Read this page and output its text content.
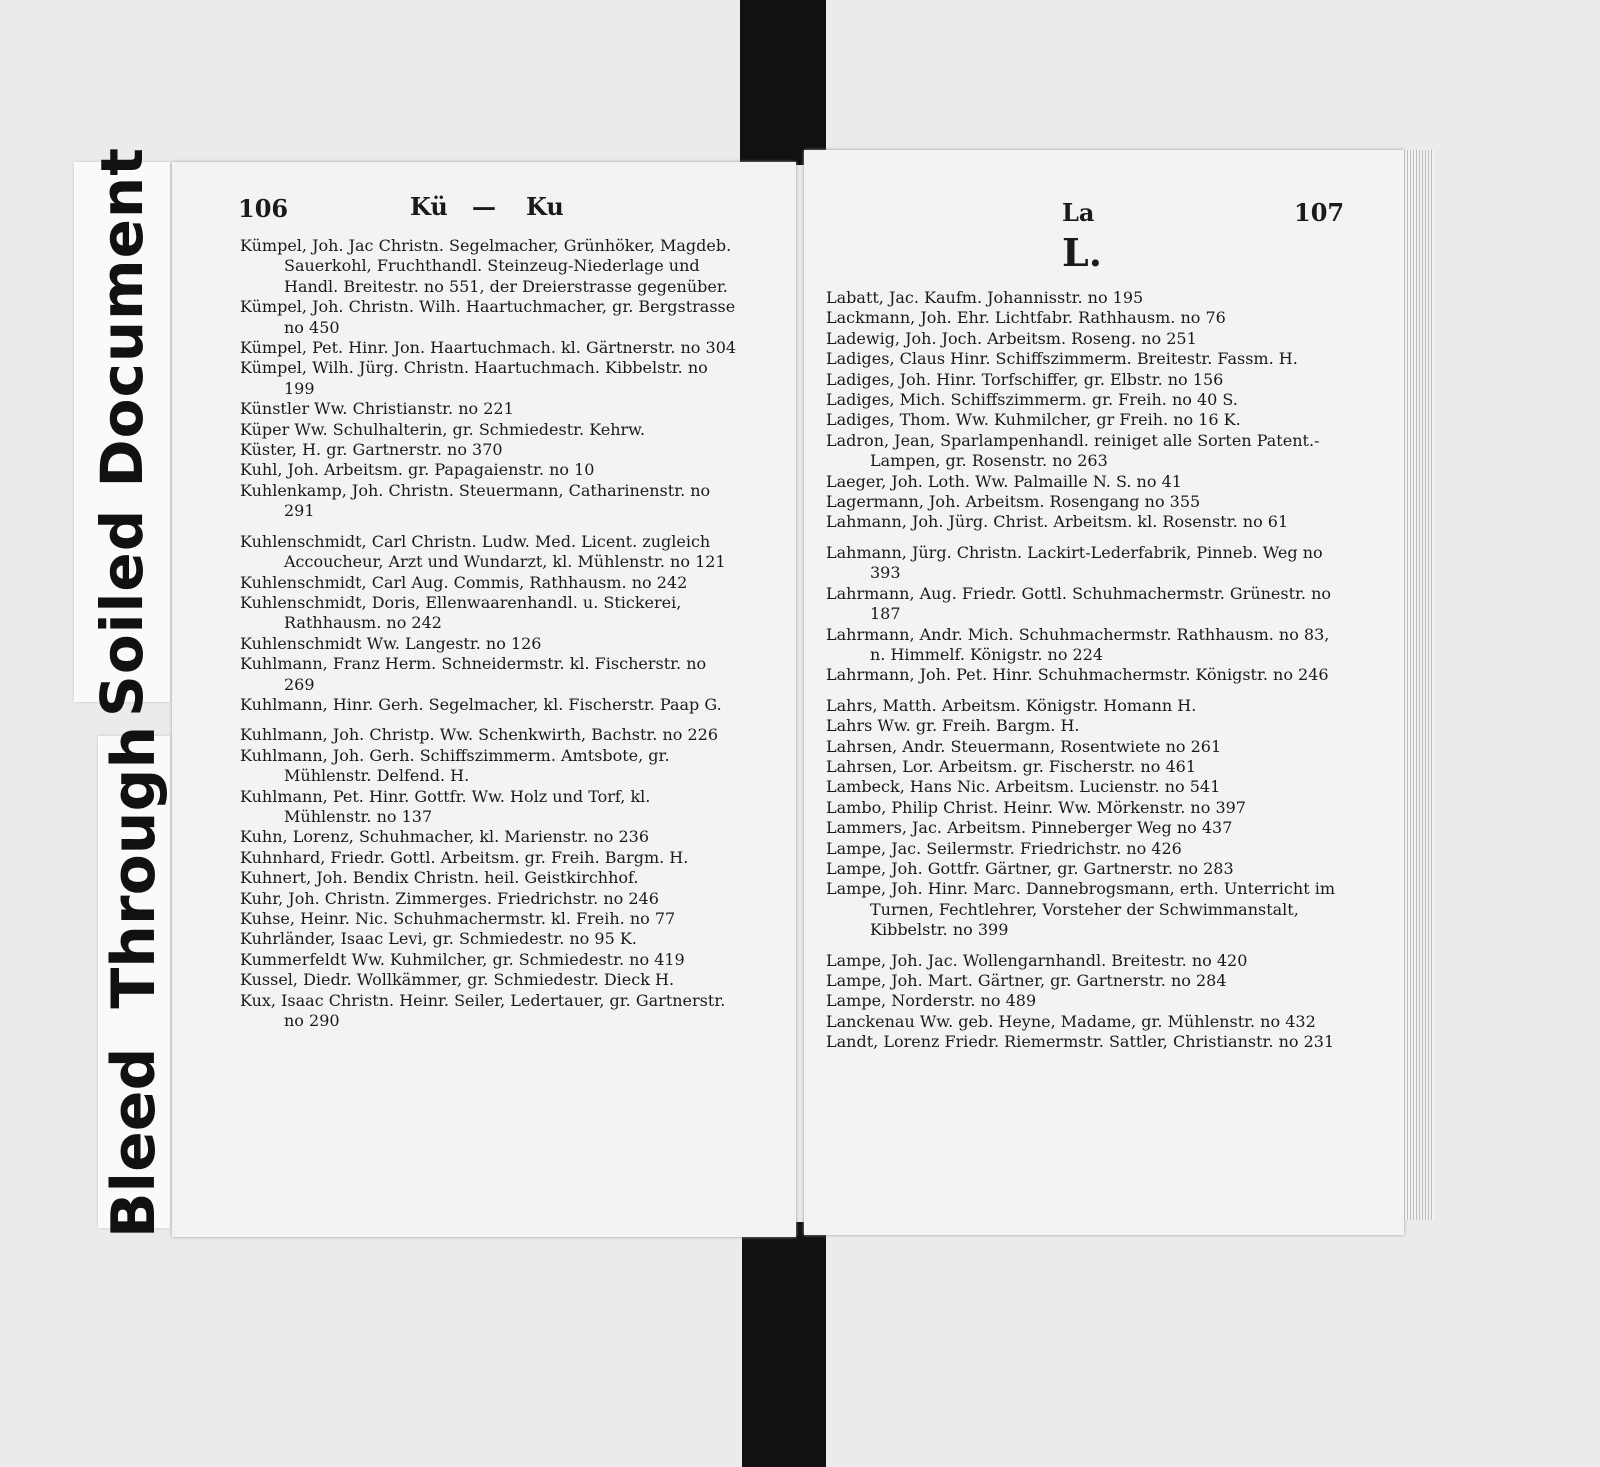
Soiled Document
Bleed Through
106	Kü — Ku
Kümpel, Joh. Jac Christn. Segelmacher, Grünhöker, Magdeb. Sauerkohl, Fruchthandl. Steinzeug-Niederlage und Handl. Breitestr. no 551, der Dreierstrasse gegenüber.
Kümpel, Joh. Christn. Wilh. Haartuchmacher, gr. Bergstrasse no 450
Kümpel, Pet. Hinr. Jon. Haartuchmach. kl. Gärtnerstr. no 304
Kümpel, Wilh. Jürg. Christn. Haartuchmach. Kibbelstr. no 199
Künstler Ww. Christianstr. no 221
Küper Ww. Schulhalterin, gr. Schmiedestr. Kehrw.
Küster, H. gr. Gartnerstr. no 370
Kuhl, Joh. Arbeitsm. gr. Papagaienstr. no 10
Kuhlenkamp, Joh. Christn. Steuermann, Catharinenstr. no 291
Kuhlenschmidt, Carl Christn. Ludw. Med. Licent. zugleich Accoucheur, Arzt und Wundarzt, kl. Mühlenstr. no 121
Kuhlenschmidt, Carl Aug. Commis, Rathhausm. no 242
Kuhlenschmidt, Doris, Ellenwaarenhandl. u. Stickerei, Rathhausm. no 242
Kuhlenschmidt Ww. Langestr. no 126
Kuhlmann, Franz Herm. Schneidermstr. kl. Fischerstr. no 269
Kuhlmann, Hinr. Gerh. Segelmacher, kl. Fischerstr. Paap G.
Kuhlmann, Joh. Christp. Ww. Schenkwirth, Bachstr. no 226
Kuhlmann, Joh. Gerh. Schiffszimmerm. Amtsbote, gr. Mühlenstr. Delfend. H.
Kuhlmann, Pet. Hinr. Gottfr. Ww. Holz und Torf, kl. Mühlenstr. no 137
Kuhn, Lorenz, Schuhmacher, kl. Marienstr. no 236
Kuhnhard, Friedr. Gottl. Arbeitsm. gr. Freih. Bargm. H.
Kuhnert, Joh. Bendix Christn. heil. Geistkirchhof.
Kuhr, Joh. Christn. Zimmerges. Friedrichstr. no 246
Kuhse, Heinr. Nic. Schuhmachermstr. kl. Freih. no 77
Kuhrländer, Isaac Levi, gr. Schmiedestr. no 95 K.
Kummerfeldt Ww. Kuhmilcher, gr. Schmiedestr. no 419
Kussel, Diedr. Wollkämmer, gr. Schmiedestr. Dieck H.
Kux, Isaac Christn. Heinr. Seiler, Ledertauer, gr. Gartnerstr. no 290
La	107
L.
Labatt, Jac. Kaufm. Johannisstr. no 195
Lackmann, Joh. Ehr. Lichtfabr. Rathhausm. no 76
Ladewig, Joh. Joch. Arbeitsm. Roseng. no 251
Ladiges, Claus Hinr. Schiffszimmerm. Breitestr. Fassm. H.
Ladiges, Joh. Hinr. Torfschiffer, gr. Elbstr. no 156
Ladiges, Mich. Schiffszimmerm. gr. Freih. no 40 S.
Ladiges, Thom. Ww. Kuhmilcher, gr Freih. no 16 K.
Ladron, Jean, Sparlampenhandl. reiniget alle Sorten Patent.-Lampen, gr. Rosenstr. no 263
Laeger, Joh. Loth. Ww. Palmaille N. S. no 41
Lagermann, Joh. Arbeitsm. Rosengang no 355
Lahmann, Joh. Jürg. Christ. Arbeitsm. kl. Rosenstr. no 61
Lahmann, Jürg. Christn. Lackirt-Lederfabrik, Pinneb. Weg no 393
Lahrmann, Aug. Friedr. Gottl. Schuhmachermstr. Grünestr. no 187
Lahrmann, Andr. Mich. Schuhmachermstr. Rathhausm. no 83, n. Himmelf. Königstr. no 224
Lahrmann, Joh. Pet. Hinr. Schuhmachermstr. Königstr. no 246
Lahrs, Matth. Arbeitsm. Königstr. Homann H.
Lahrs Ww. gr. Freih. Bargm. H.
Lahrsen, Andr. Steuermann, Rosentwiete no 261
Lahrsen, Lor. Arbeitsm. gr. Fischerstr. no 461
Lambeck, Hans Nic. Arbeitsm. Lucienstr. no 541
Lambo, Philip Christ. Heinr. Ww. Mörkenstr. no 397
Lammers, Jac. Arbeitsm. Pinneberger Weg no 437
Lampe, Jac. Seilermstr. Friedrichstr. no 426
Lampe, Joh. Gottfr. Gärtner, gr. Gartnerstr. no 283
Lampe, Joh. Hinr. Marc. Dannebrogsmann, erth. Unterricht im Turnen, Fechtlehrer, Vorsteher der Schwimmanstalt, Kibbelstr. no 399
Lampe, Joh. Jac. Wollengarnhandl. Breitestr. no 420
Lampe, Joh. Mart. Gärtner, gr. Gartnerstr. no 284
Lampe, Norderstr. no 489
Lanckenau Ww. geb. Heyne, Madame, gr. Mühlenstr. no 432
Landt, Lorenz Friedr. Riemermstr. Sattler, Christianstr. no 231
